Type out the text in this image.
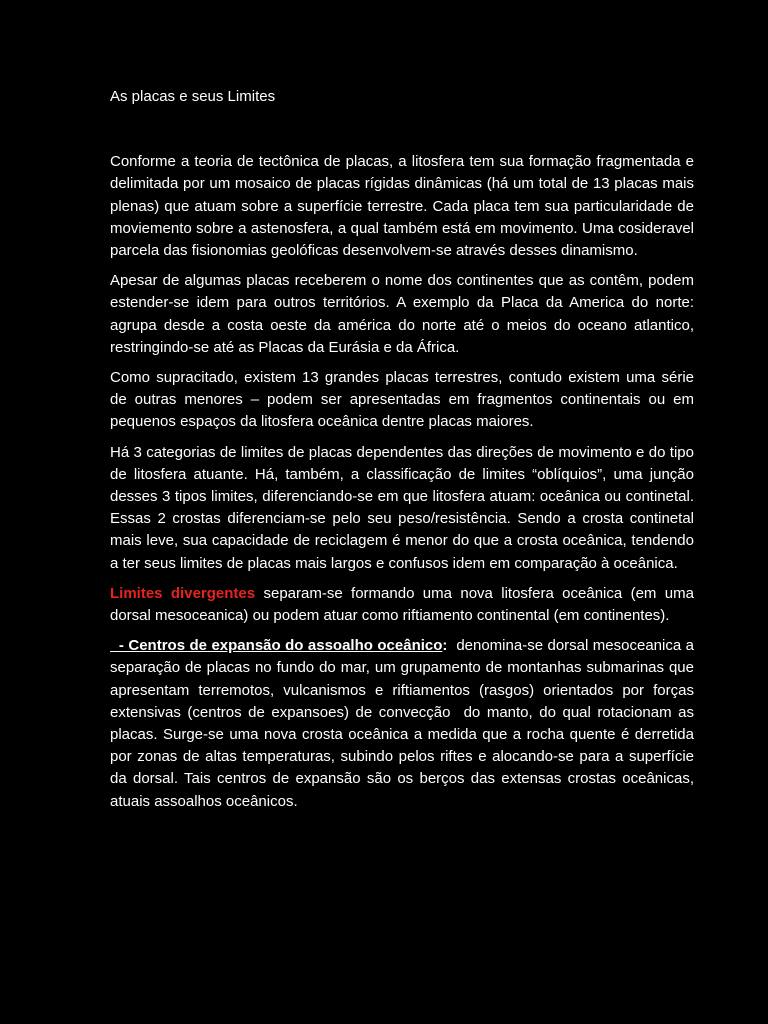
As placas e seus Limites

Conforme a teoria de tectônica de placas, a litosfera tem sua formação fragmentada e delimitada por um mosaico de placas rígidas dinâmicas (há um total de 13 placas mais plenas) que atuam sobre a superfície terrestre. Cada placa tem sua particularidade de moviemento sobre a astenosfera, a qual também está em movimento. Uma cosideravel parcela das fisionomias geolóficas desenvolvem-se através desses dinamismo.

Apesar de algumas placas receberem o nome dos continentes que as contêm, podem estender-se idem para outros territórios. A exemplo da Placa da America do norte: agrupa desde a costa oeste da américa do norte até o meios do oceano atlantico, restringindo-se até as Placas da Eurásia e da África.

Como supracitado, existem 13 grandes placas terrestres, contudo existem uma série de outras menores – podem ser apresentadas em fragmentos continentais ou em pequenos espaços da litosfera oceânica dentre placas maiores.

Há 3 categorias de limites de placas dependentes das direções de movimento e do tipo de litosfera atuante. Há, também, a classificação de limites “oblíquios”, uma junção desses 3 tipos limites, diferenciando-se em que litosfera atuam: oceânica ou continetal. Essas 2 crostas diferenciam-se pelo seu peso/resistência. Sendo a crosta continetal mais leve, sua capacidade de reciclagem é menor do que a crosta oceânica, tendendo a ter seus limites de placas mais largos e confusos idem em comparação à oceânica.

Limites divergentes separam-se formando uma nova litosfera oceânica (em uma dorsal mesoceanica) ou podem atuar como riftiamento continental (em continentes).

- Centros de expansão do assoalho oceânico:  denomina-se dorsal mesoceanica a separação de placas no fundo do mar, um grupamento de montanhas submarinas que apresentam terremotos, vulcanismos e riftiamentos (rasgos) orientados por forças extensivas (centros de expansoes) de convecção  do manto, do qual rotacionam as placas. Surge-se uma nova crosta oceânica a medida que a rocha quente é derretida por zonas de altas temperaturas, subindo pelos riftes e alocando-se para a superfície da dorsal. Tais centros de expansão são os berços das extensas crostas oceânicas, atuais assoalhos oceânicos.
